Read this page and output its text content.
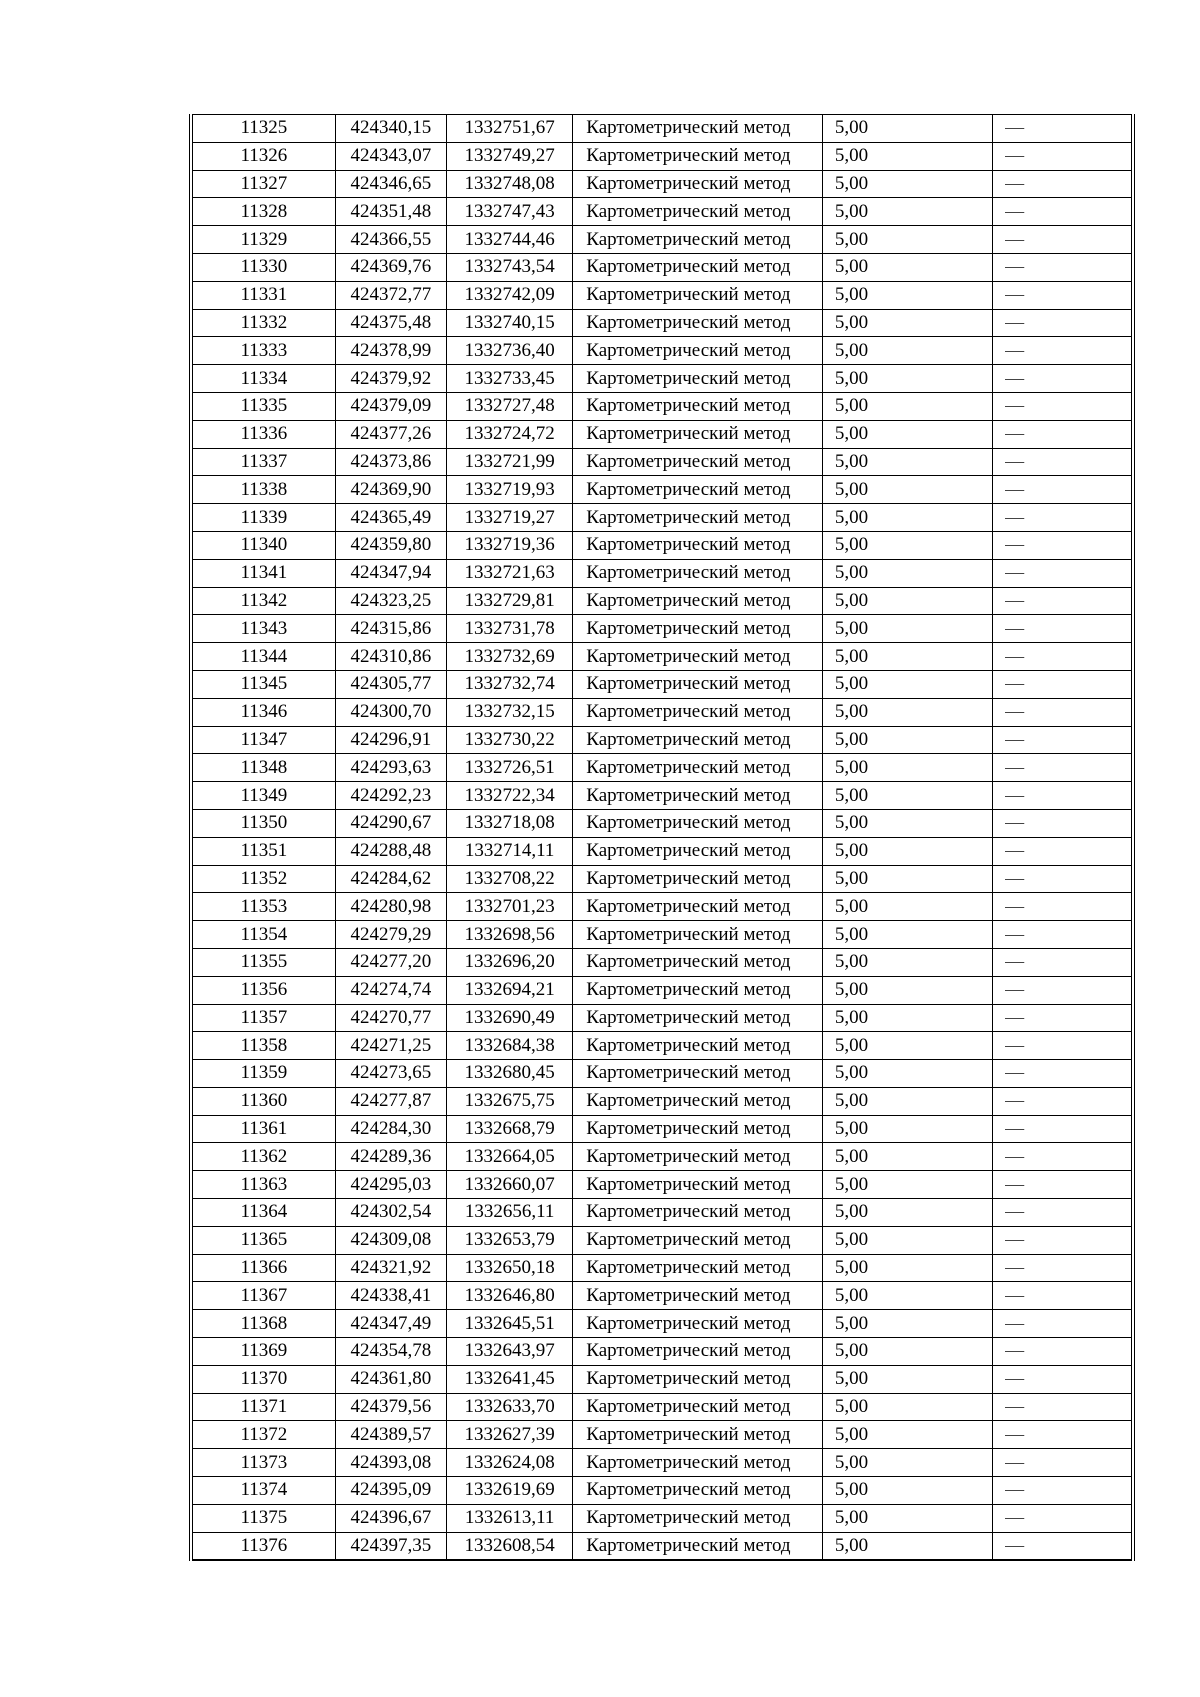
11325	424340,15	1332751,67	Картометрический метод	5,00	—
11326	424343,07	1332749,27	Картометрический метод	5,00	—
11327	424346,65	1332748,08	Картометрический метод	5,00	—
11328	424351,48	1332747,43	Картометрический метод	5,00	—
11329	424366,55	1332744,46	Картометрический метод	5,00	—
11330	424369,76	1332743,54	Картометрический метод	5,00	—
11331	424372,77	1332742,09	Картометрический метод	5,00	—
11332	424375,48	1332740,15	Картометрический метод	5,00	—
11333	424378,99	1332736,40	Картометрический метод	5,00	—
11334	424379,92	1332733,45	Картометрический метод	5,00	—
11335	424379,09	1332727,48	Картометрический метод	5,00	—
11336	424377,26	1332724,72	Картометрический метод	5,00	—
11337	424373,86	1332721,99	Картометрический метод	5,00	—
11338	424369,90	1332719,93	Картометрический метод	5,00	—
11339	424365,49	1332719,27	Картометрический метод	5,00	—
11340	424359,80	1332719,36	Картометрический метод	5,00	—
11341	424347,94	1332721,63	Картометрический метод	5,00	—
11342	424323,25	1332729,81	Картометрический метод	5,00	—
11343	424315,86	1332731,78	Картометрический метод	5,00	—
11344	424310,86	1332732,69	Картометрический метод	5,00	—
11345	424305,77	1332732,74	Картометрический метод	5,00	—
11346	424300,70	1332732,15	Картометрический метод	5,00	—
11347	424296,91	1332730,22	Картометрический метод	5,00	—
11348	424293,63	1332726,51	Картометрический метод	5,00	—
11349	424292,23	1332722,34	Картометрический метод	5,00	—
11350	424290,67	1332718,08	Картометрический метод	5,00	—
11351	424288,48	1332714,11	Картометрический метод	5,00	—
11352	424284,62	1332708,22	Картометрический метод	5,00	—
11353	424280,98	1332701,23	Картометрический метод	5,00	—
11354	424279,29	1332698,56	Картометрический метод	5,00	—
11355	424277,20	1332696,20	Картометрический метод	5,00	—
11356	424274,74	1332694,21	Картометрический метод	5,00	—
11357	424270,77	1332690,49	Картометрический метод	5,00	—
11358	424271,25	1332684,38	Картометрический метод	5,00	—
11359	424273,65	1332680,45	Картометрический метод	5,00	—
11360	424277,87	1332675,75	Картометрический метод	5,00	—
11361	424284,30	1332668,79	Картометрический метод	5,00	—
11362	424289,36	1332664,05	Картометрический метод	5,00	—
11363	424295,03	1332660,07	Картометрический метод	5,00	—
11364	424302,54	1332656,11	Картометрический метод	5,00	—
11365	424309,08	1332653,79	Картометрический метод	5,00	—
11366	424321,92	1332650,18	Картометрический метод	5,00	—
11367	424338,41	1332646,80	Картометрический метод	5,00	—
11368	424347,49	1332645,51	Картометрический метод	5,00	—
11369	424354,78	1332643,97	Картометрический метод	5,00	—
11370	424361,80	1332641,45	Картометрический метод	5,00	—
11371	424379,56	1332633,70	Картометрический метод	5,00	—
11372	424389,57	1332627,39	Картометрический метод	5,00	—
11373	424393,08	1332624,08	Картометрический метод	5,00	—
11374	424395,09	1332619,69	Картометрический метод	5,00	—
11375	424396,67	1332613,11	Картометрический метод	5,00	—
11376	424397,35	1332608,54	Картометрический метод	5,00	—
